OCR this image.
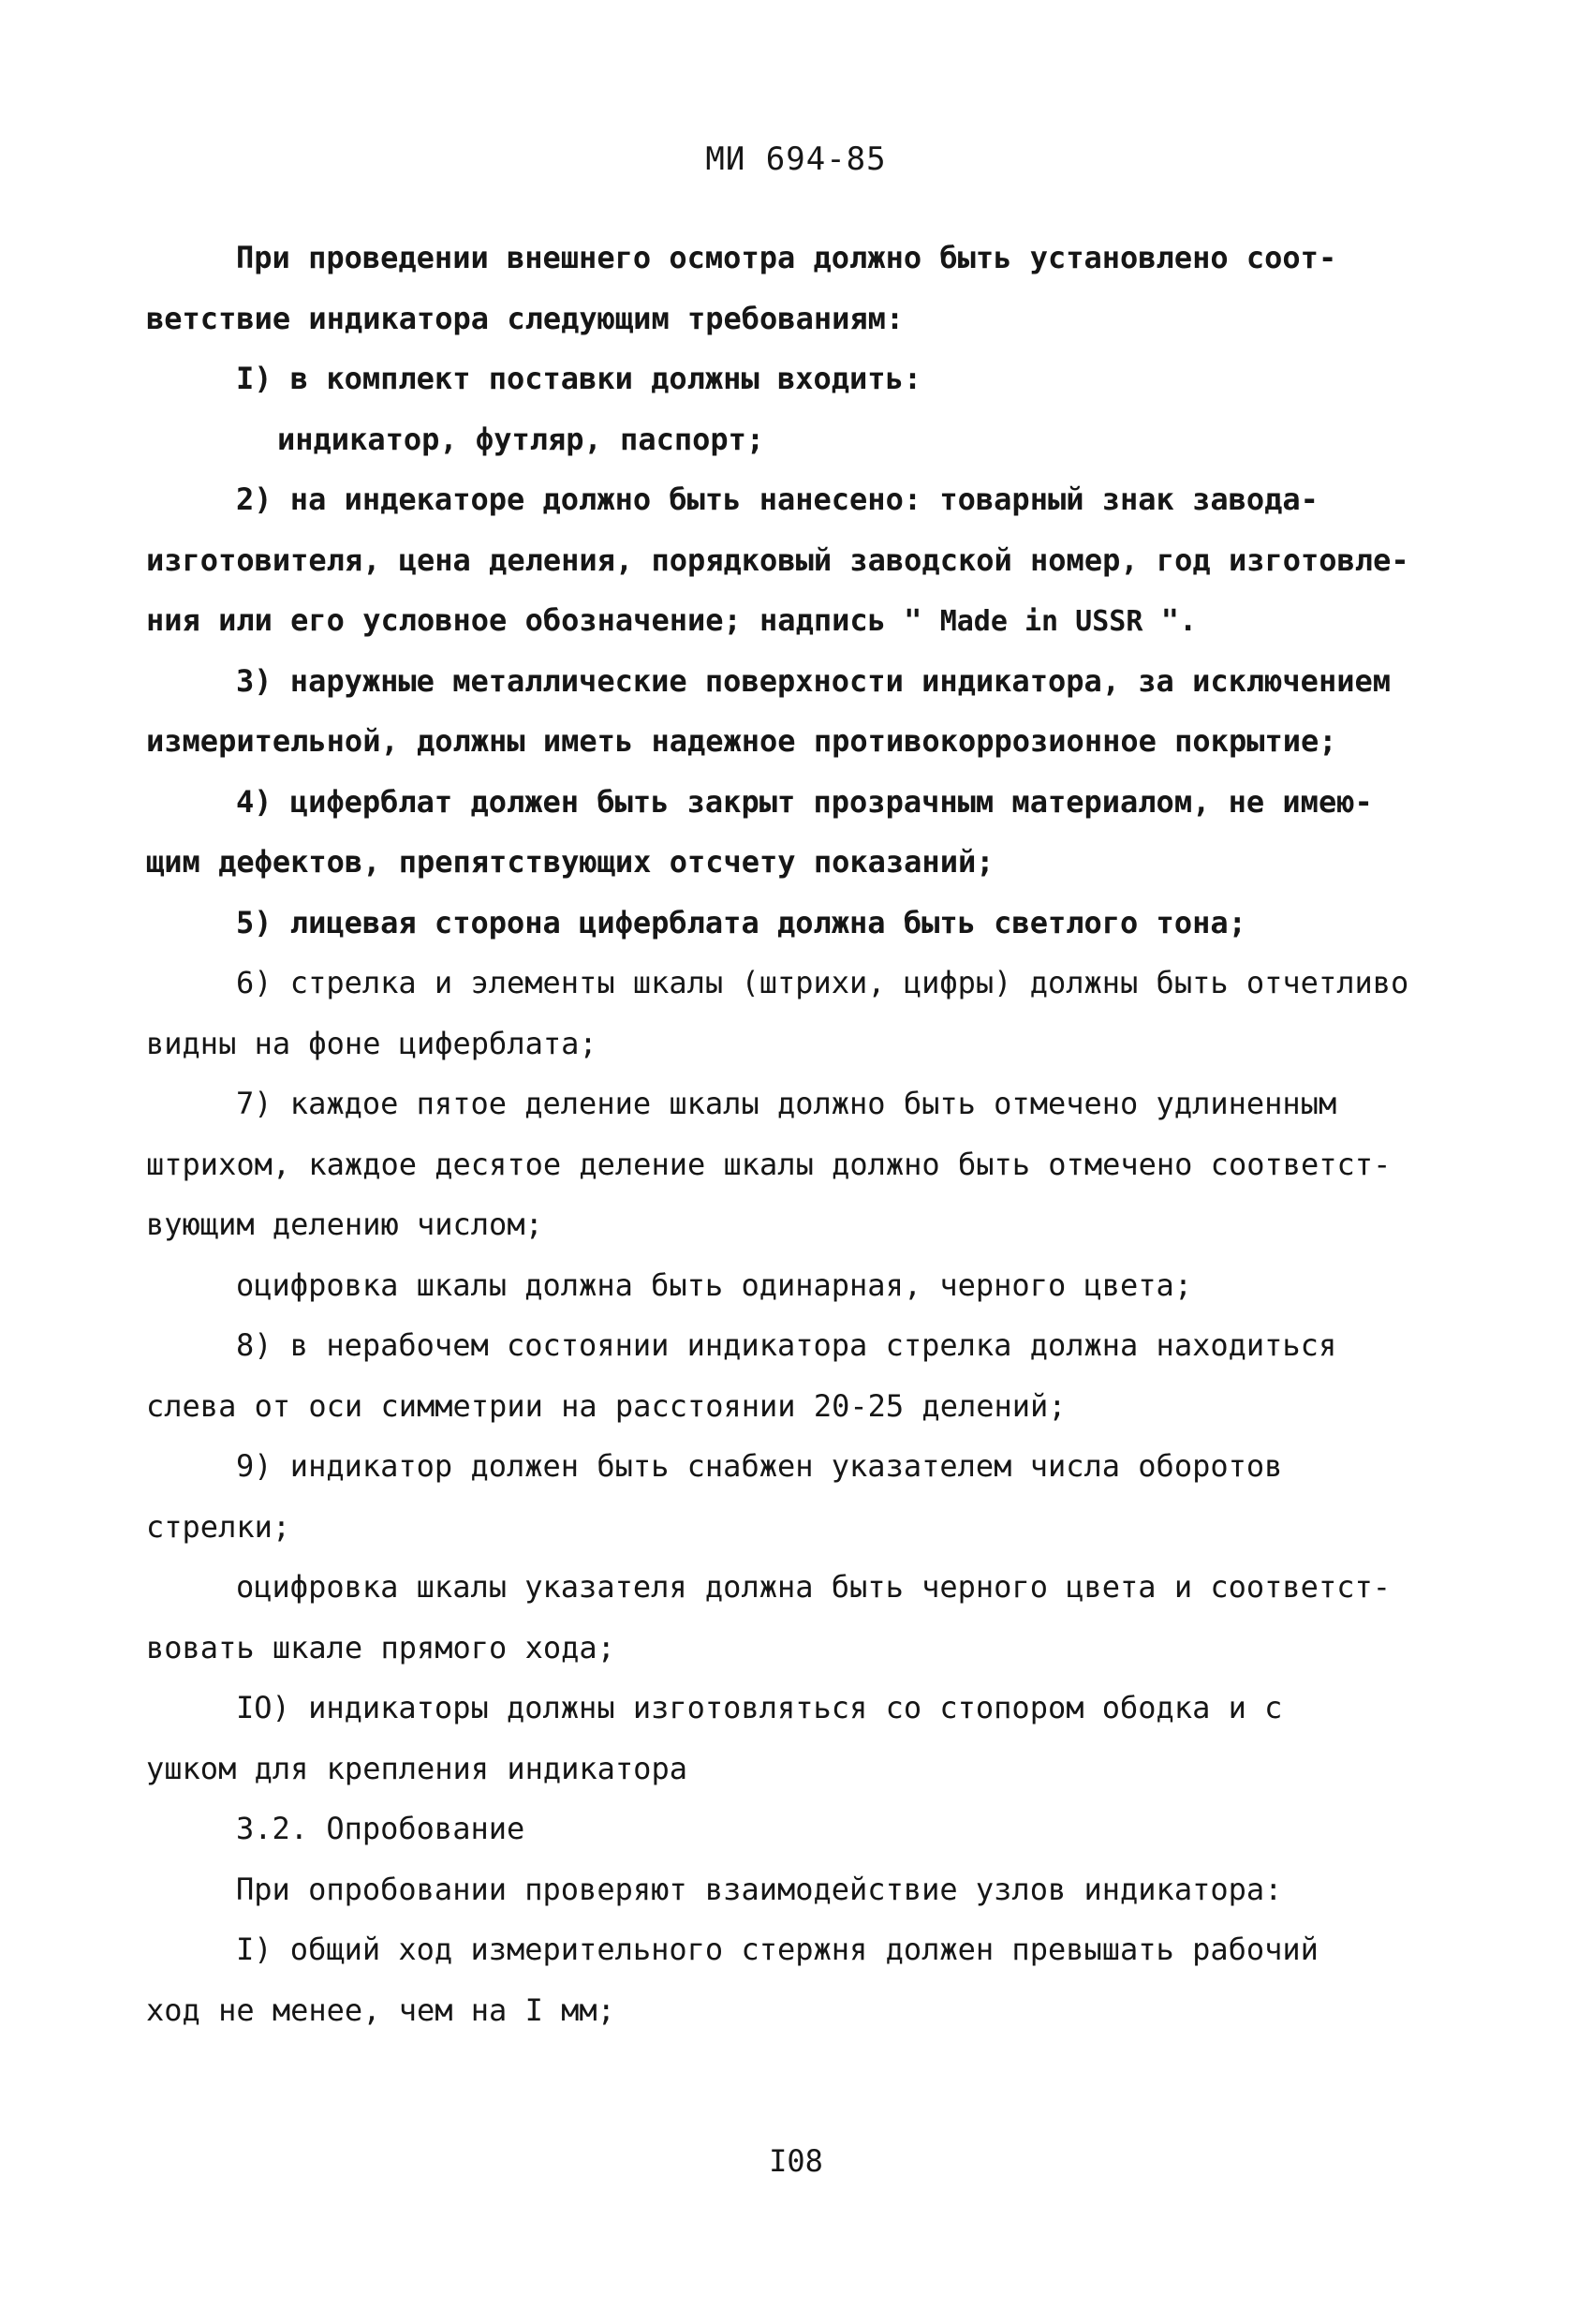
МИ 694-85
При проведении внешнего осмотра должно быть установлено соот-
ветствие индикатора следующим требованиям:
I) в комплект поставки должны входить:
индикатор, футляр, паспорт;
2) на индекаторе должно быть нанесено: товарный знак завода-
изготовителя, цена деления, порядковый заводской номер, год изготовле-
ния или его условное обозначение; надпись " Made in USSR ".
3) наружные металлические поверхности индикатора, за исключением
измерительной, должны иметь надежное противокоррозионное покрытие;
4) циферблат должен быть закрыт прозрачным материалом, не имею-
щим дефектов, препятствующих отсчету показаний;
5) лицевая сторона циферблата должна быть светлого тона;
6) стрелка и элементы шкалы (штрихи, цифры) должны быть отчетливо
видны на фоне циферблата;
7) каждое пятое деление шкалы должно быть отмечено удлиненным
штрихом, каждое десятое деление шкалы должно быть отмечено соответст-
вующим делению числом;
оцифровка шкалы должна быть одинарная, черного цвета;
8) в нерабочем состоянии индикатора стрелка должна находиться
слева от оси симметрии на расстоянии 20-25 делений;
9) индикатор должен быть снабжен указателем числа оборотов
стрелки;
оцифровка шкалы указателя должна быть черного цвета и соответст-
вовать шкале прямого хода;
IO) индикаторы должны изготовляться со стопором ободка и с
ушком для крепления индикатора
3.2. Опробование
При опробовании проверяют взаимодействие узлов индикатора:
I) общий ход измерительного стержня должен превышать рабочий
ход не менее, чем на I мм;
I08
